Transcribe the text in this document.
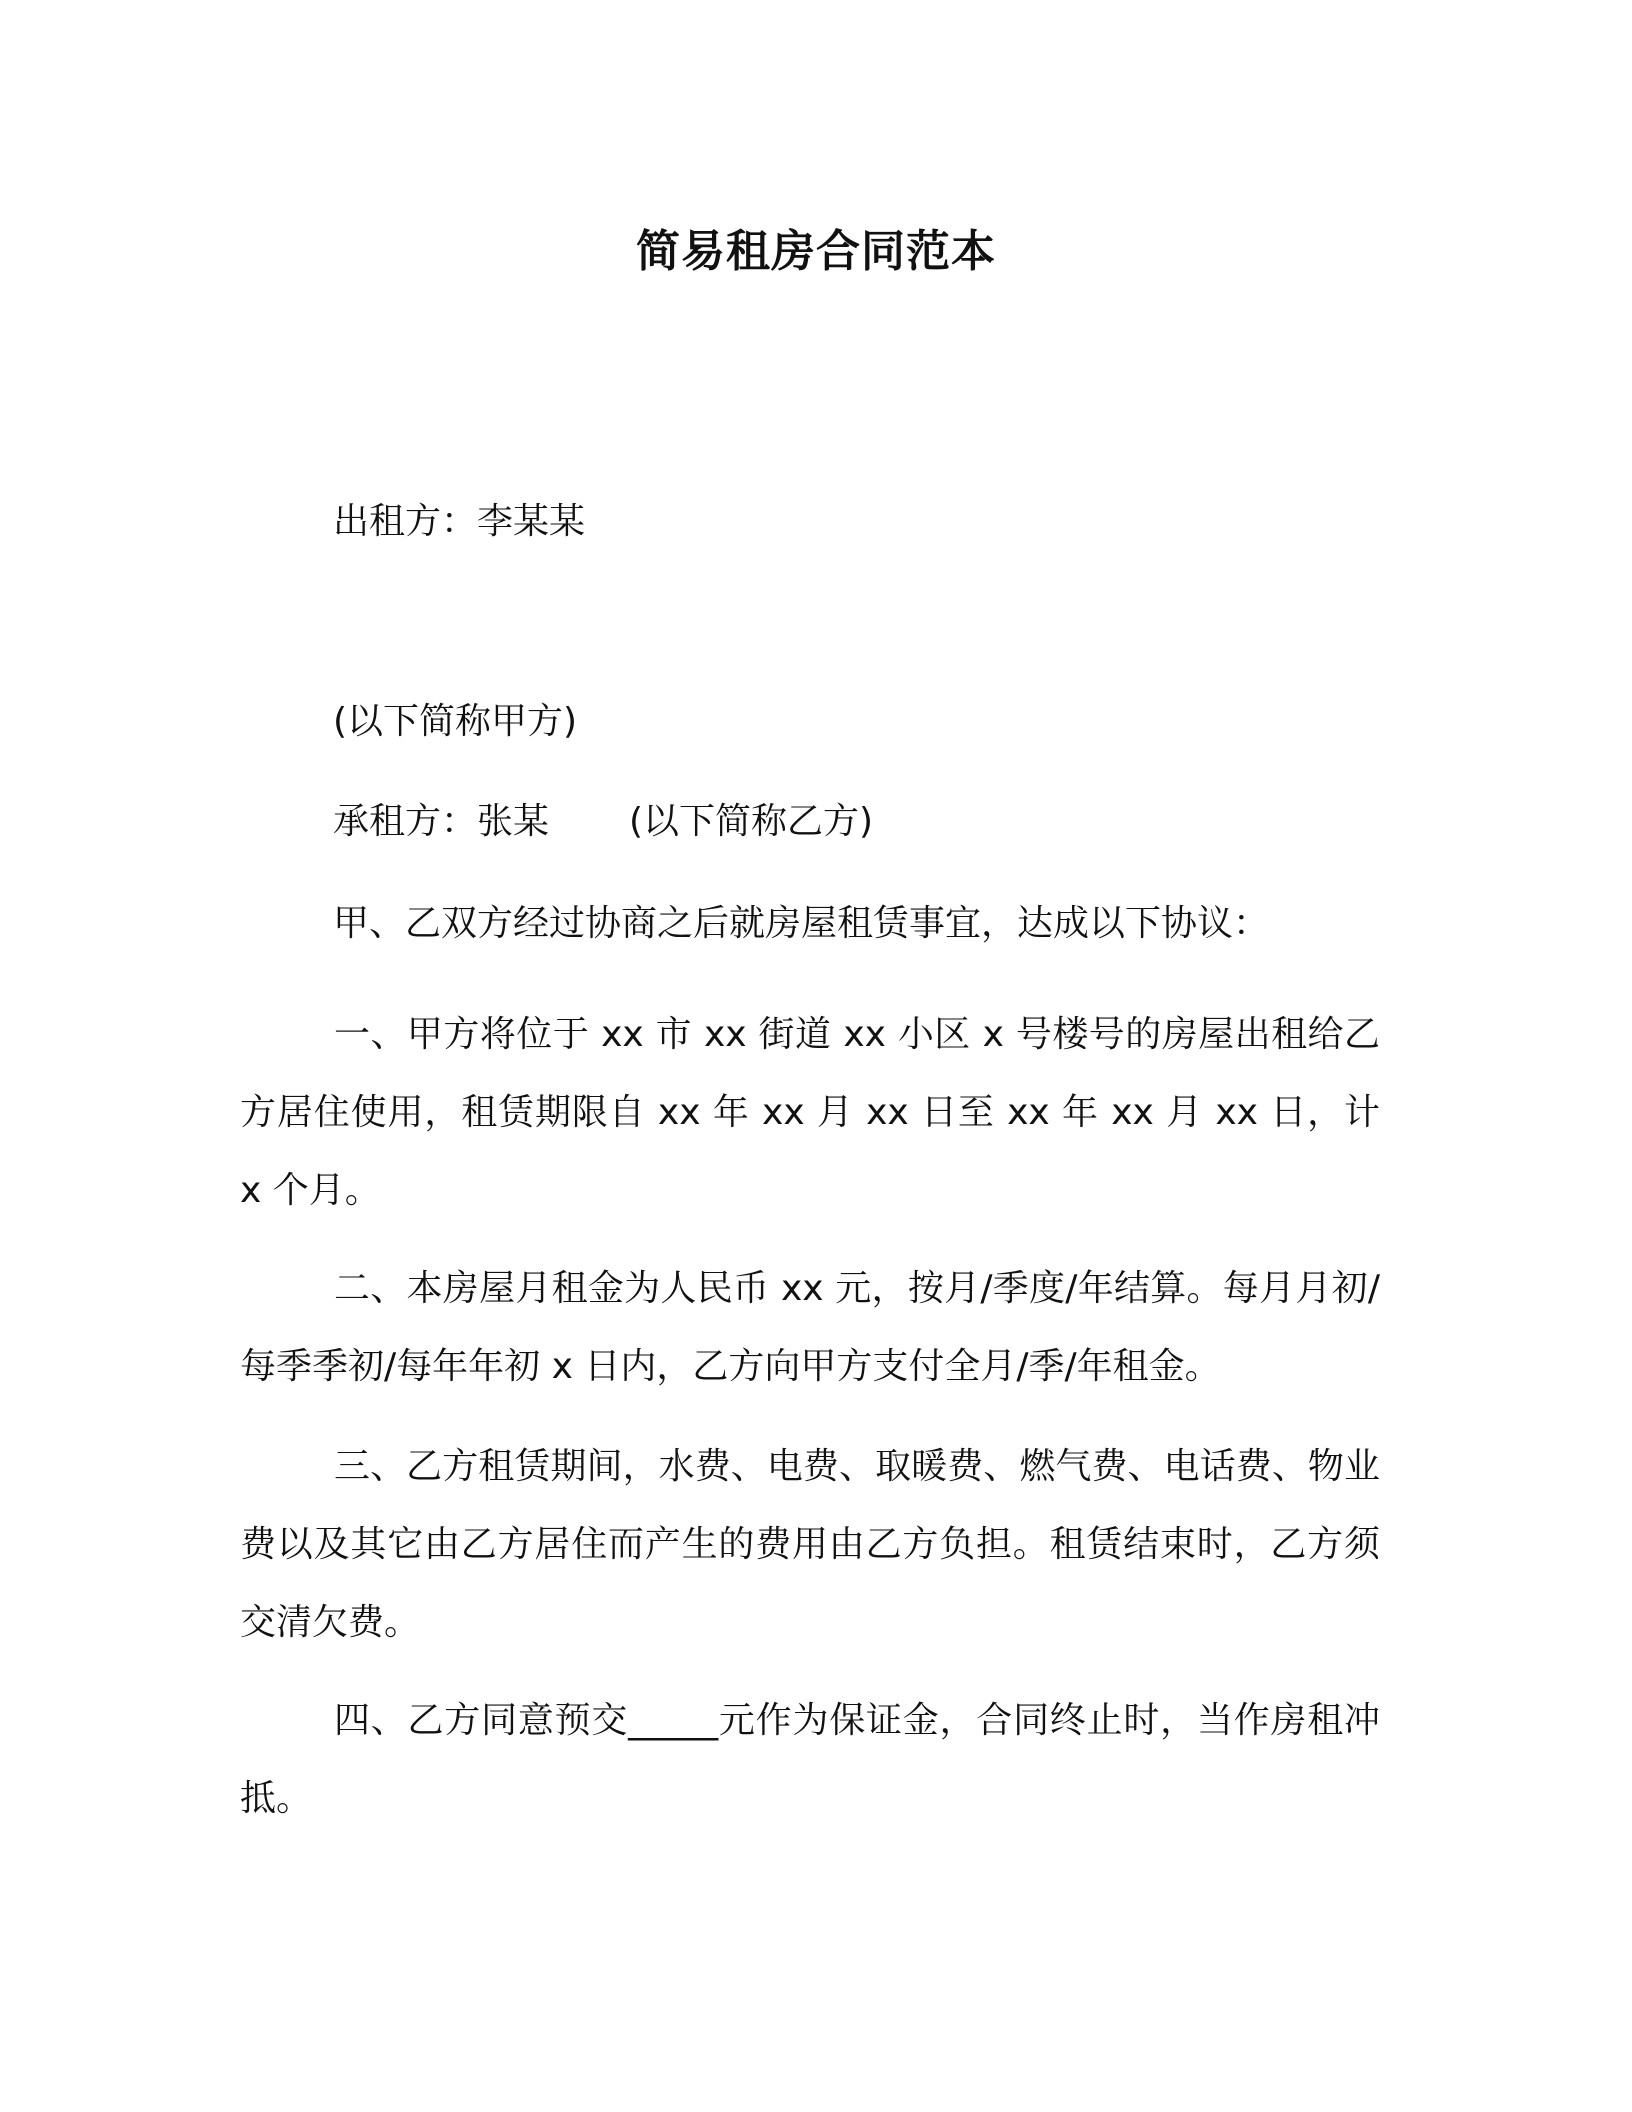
简易租房合同范本
出租方：李某某
(以下简称甲方)
承租方：张某 (以下简称乙方)
甲、乙双方经过协商之后就房屋租赁事宜，达成以下协议：
一、甲方将位于 xx 市 xx 街道 xx 小区 x 号楼号的房屋出租给乙方居住使用，租赁期限自 xx 年 xx 月 xx 日至 xx 年 xx 月 xx 日，计 x 个月。
二、本房屋月租金为人民币 xx 元，按月/季度/年结算。每月月初/每季季初/每年年初 x 日内，乙方向甲方支付全月/季/年租金。
三、乙方租赁期间，水费、电费、取暖费、燃气费、电话费、物业费以及其它由乙方居住而产生的费用由乙方负担。租赁结束时，乙方须交清欠费。
四、乙方同意预交_____元作为保证金，合同终止时，当作房租冲抵。
